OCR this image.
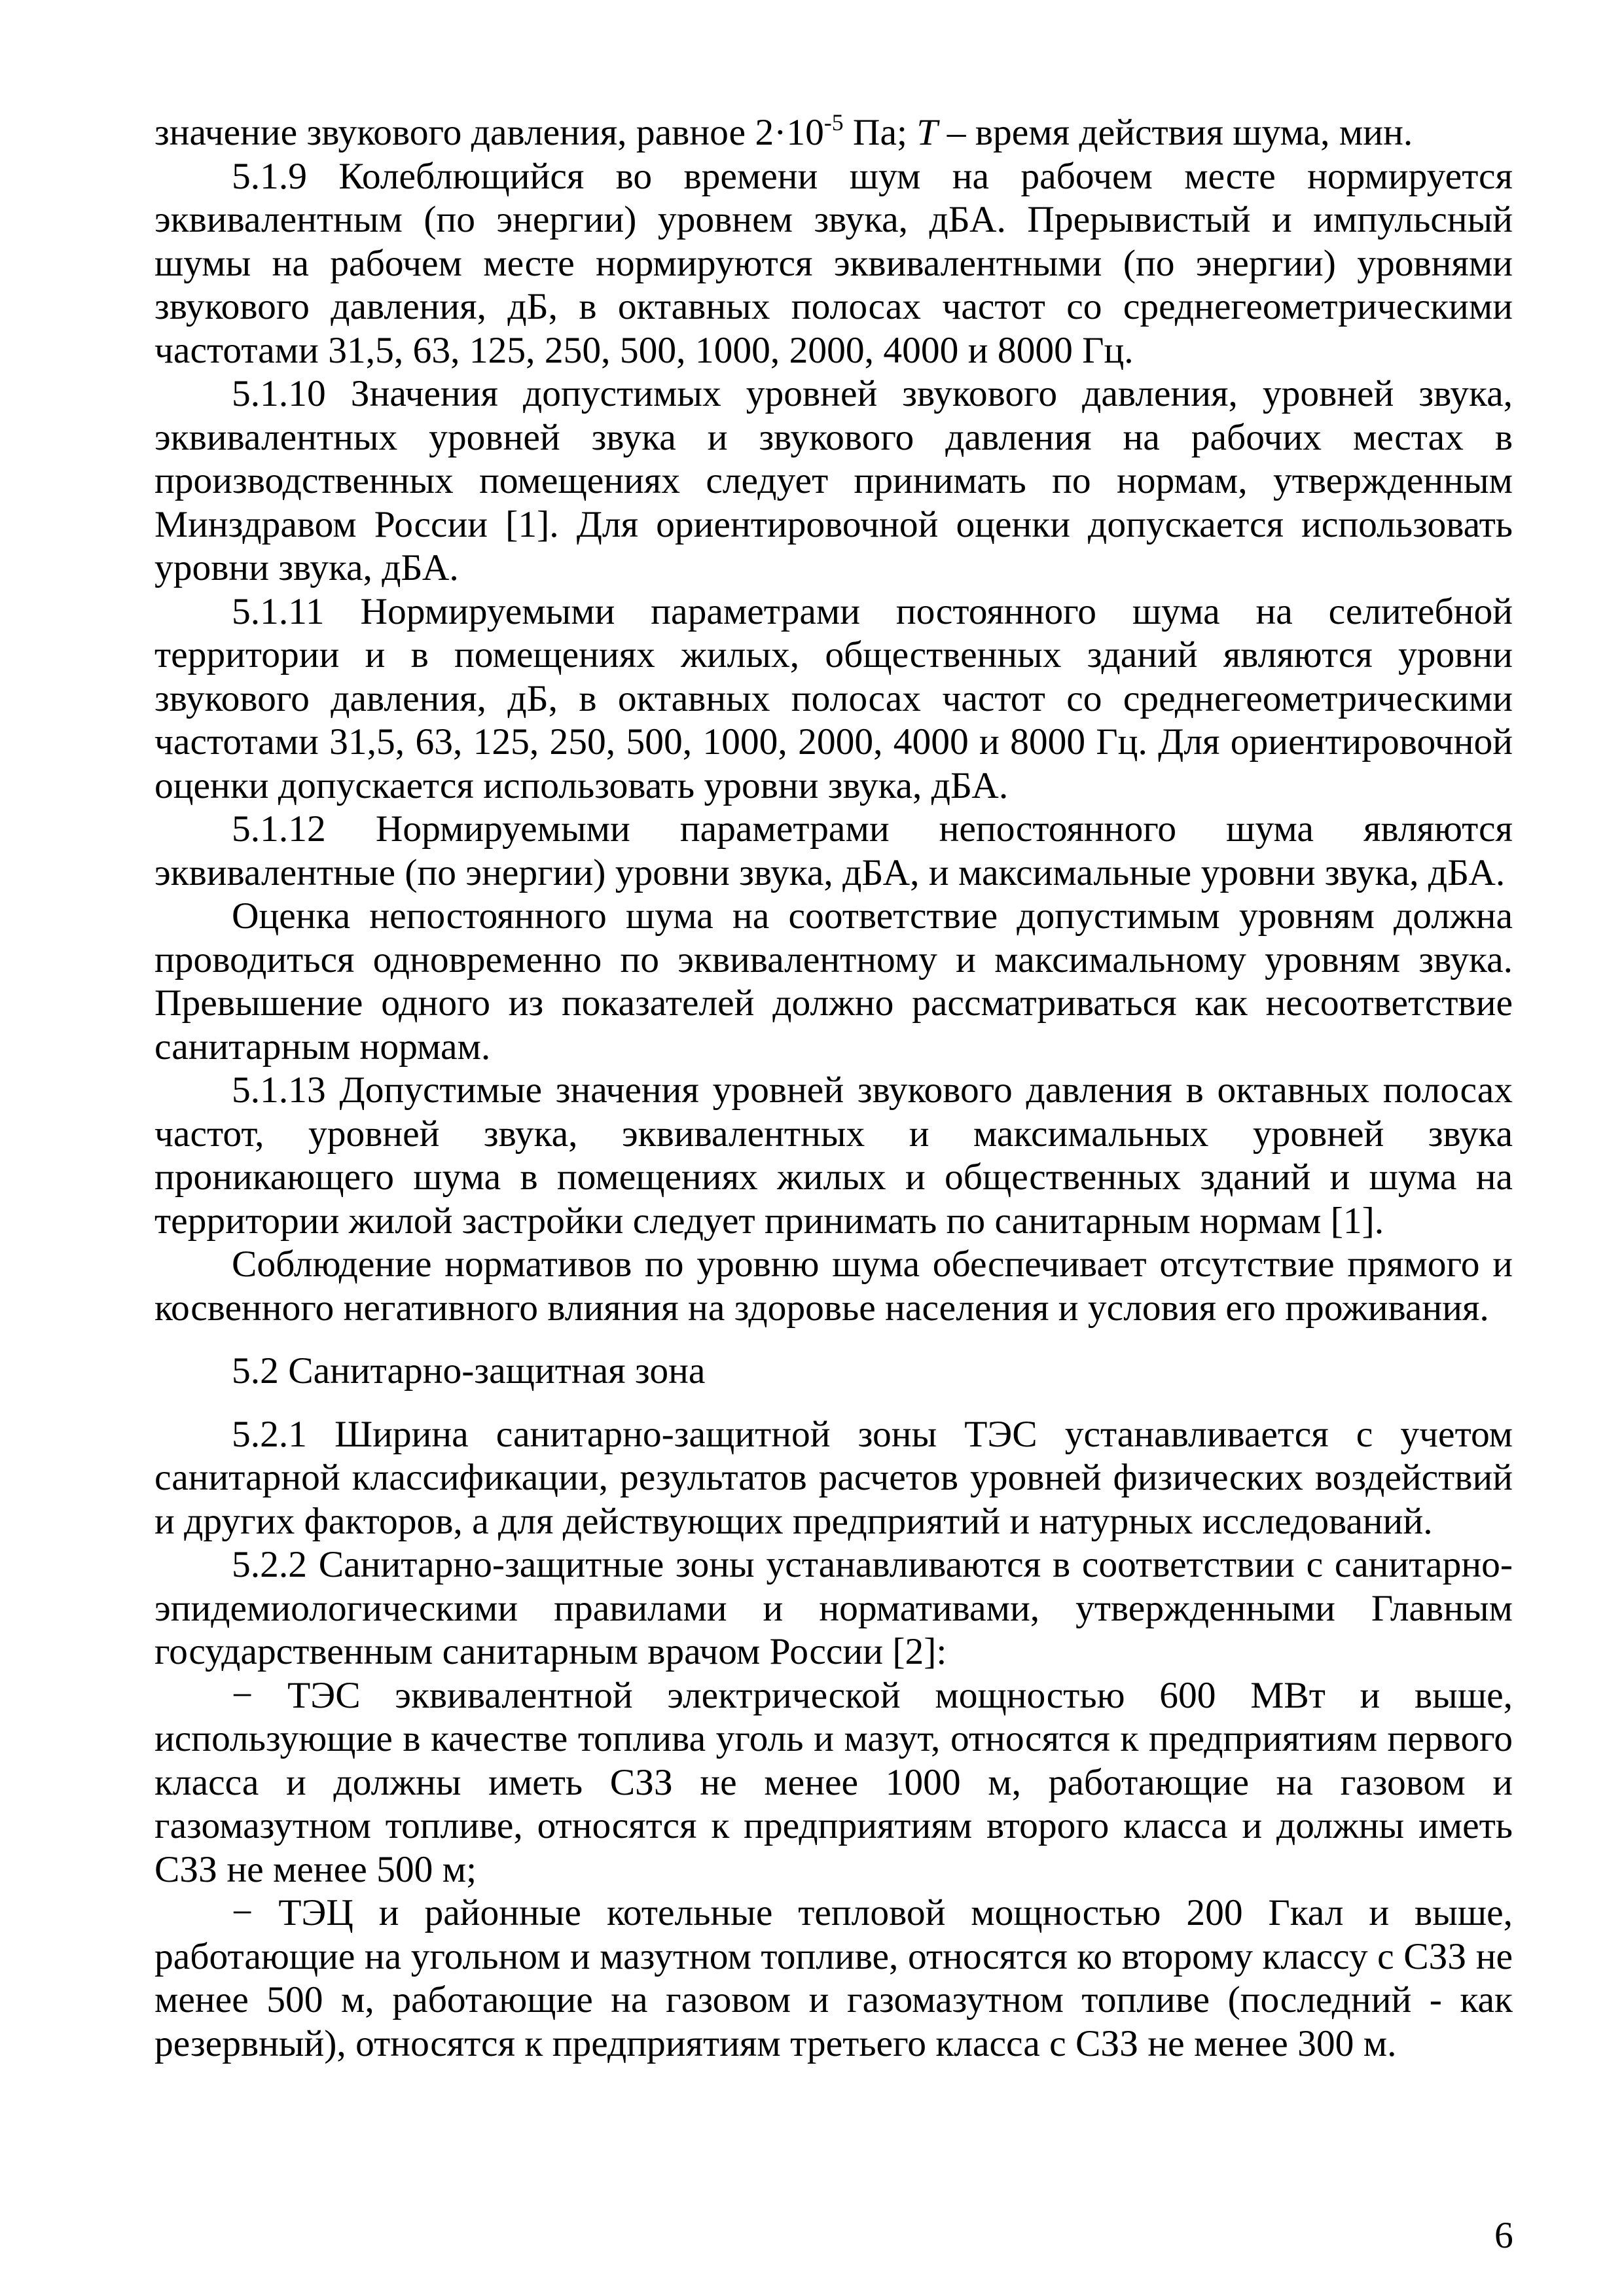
значение звукового давления, равное $2\cdot 10^{-5}$ Па; T – время действия шума, мин.

5.1.9 Колеблющийся во времени шум на рабочем месте нормируется эквивалентным (по энергии) уровнем звука, дБА. Прерывистый и импульсный шумы на рабочем месте нормируются эквивалентными (по энергии) уровнями звукового давления, дБ, в октавных полосах частот со среднегеометрическими частотами 31,5, 63, 125, 250, 500, 1000, 2000, 4000 и 8000 Гц.

5.1.10 Значения допустимых уровней звукового давления, уровней звука, эквивалентных уровней звука и звукового давления на рабочих местах в производственных помещениях следует принимать по нормам, утвержденным Минздравом России [1]. Для ориентировочной оценки допускается использовать уровни звука, дБА.

5.1.11 Нормируемыми параметрами постоянного шума на селитебной территории и в помещениях жилых, общественных зданий являются уровни звукового давления, дБ, в октавных полосах частот со среднегеометрическими частотами 31,5, 63, 125, 250, 500, 1000, 2000, 4000 и 8000 Гц. Для ориентировочной оценки допускается использовать уровни звука, дБА.

5.1.12 Нормируемыми параметрами непостоянного шума являются эквивалентные (по энергии) уровни звука, дБА, и максимальные уровни звука, дБА.

Оценка непостоянного шума на соответствие допустимым уровням должна проводиться одновременно по эквивалентному и максимальному уровням звука. Превышение одного из показателей должно рассматриваться как несоответствие санитарным нормам.

5.1.13 Допустимые значения уровней звукового давления в октавных полосах частот, уровней звука, эквивалентных и максимальных уровней звука проникающего шума в помещениях жилых и общественных зданий и шума на территории жилой застройки следует принимать по санитарным нормам [1].

Соблюдение нормативов по уровню шума обеспечивает отсутствие прямого и косвенного негативного влияния на здоровье населения и условия его проживания.

5.2 Санитарно-защитная зона

5.2.1 Ширина санитарно-защитной зоны ТЭС устанавливается с учетом санитарной классификации, результатов расчетов уровней физических воздействий и других факторов, а для действующих предприятий и натурных исследований.

5.2.2 Санитарно-защитные зоны устанавливаются в соответствии с санитарно-эпидемиологическими правилами и нормативами, утвержденными Главным государственным санитарным врачом России [2]:

− ТЭС эквивалентной электрической мощностью 600 МВт и выше, использующие в качестве топлива уголь и мазут, относятся к предприятиям первого класса и должны иметь СЗЗ не менее 1000 м, работающие на газовом и газомазутном топливе, относятся к предприятиям второго класса и должны иметь СЗЗ не менее 500 м;

− ТЭЦ и районные котельные тепловой мощностью 200 Гкал и выше, работающие на угольном и мазутном топливе, относятся ко второму классу с СЗЗ не менее 500 м, работающие на газовом и газомазутном топливе (последний - как резервный), относятся к предприятиям третьего класса с СЗЗ не менее 300 м.

6
